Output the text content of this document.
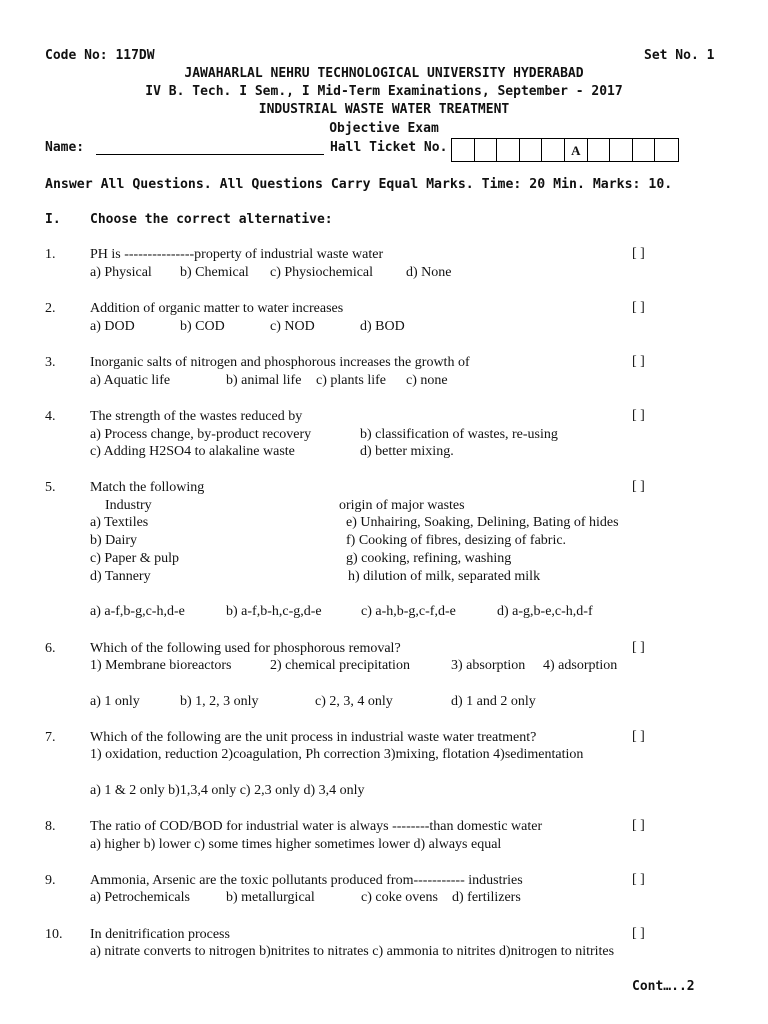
Code No: 117DW	Set No. 1
JAWAHARLAL NEHRU TECHNOLOGICAL UNIVERSITY HYDERABAD
IV B. Tech. I Sem., I Mid-Term Examinations, September - 2017
INDUSTRIAL WASTE WATER TREATMENT
Objective Exam
Name:	Hall Ticket No.	A
Answer All Questions. All Questions Carry Equal Marks. Time: 20 Min. Marks: 10.
I. Choose the correct alternative:
1. PH is ---------------property of industrial waste water	[ ]
a) Physical b) Chemical c) Physiochemical d) None
2. Addition of organic matter to water increases	[ ]
a) DOD	b) COD	c) NOD	d) BOD
3. Inorganic salts of nitrogen and phosphorous increases the growth of	[ ]
a) Aquatic life	b) animal life c) plants life c) none
4. The strength of the wastes reduced by	[ ]
a) Process change, by-product recovery	b) classification of wastes, re-using
c) Adding H2SO4 to alakaline waste	d) better mixing.
5. Match the following	[ ]
Industry	origin of major wastes
a) Textiles	e) Unhairing, Soaking, Delining, Bating of hides
b) Dairy	f) Cooking of fibres, desizing of fabric.
c) Paper & pulp	g) cooking, refining, washing
d) Tannery	h) dilution of milk, separated milk
a) a-f,b-g,c-h,d-e	b) a-f,b-h,c-g,d-e	c) a-h,b-g,c-f,d-e	d) a-g,b-e,c-h,d-f
6. Which of the following used for phosphorous removal?	[ ]
1) Membrane bioreactors	2) chemical precipitation	3) absorption 4) adsorption
a) 1 only	b) 1, 2, 3 only	c) 2, 3, 4 only	d) 1 and 2 only
7. Which of the following are the unit process in industrial waste water treatment?	[ ]
1) oxidation, reduction 2)coagulation, Ph correction 3)mixing, flotation 4)sedimentation
a) 1 & 2 only b)1,3,4 only c) 2,3 only d) 3,4 only
8. The ratio of COD/BOD for industrial water is always --------than domestic water	[ ]
a) higher b) lower c) some times higher sometimes lower d) always equal
9. Ammonia, Arsenic are the toxic pollutants produced from----------- industries	[ ]
a) Petrochemicals	b) metallurgical	c) coke ovens d) fertilizers
10. In denitrification process	[ ]
a) nitrate converts to nitrogen b)nitrites to nitrates c) ammonia to nitrites d)nitrogen to nitrites
Cont…..2
